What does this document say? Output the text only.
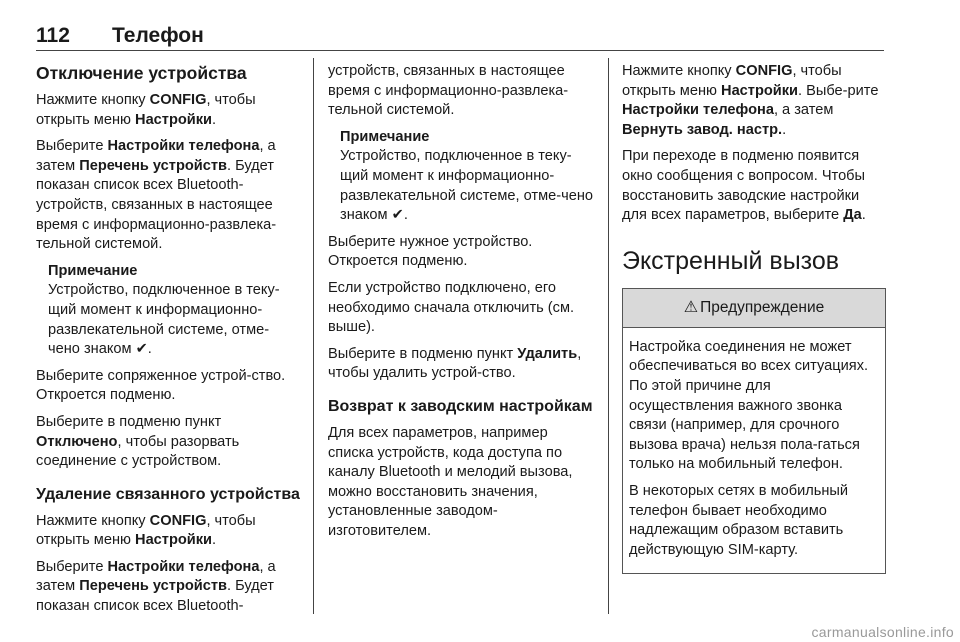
112 Телефон
Отключение устройства

Нажмите кнопку CONFIG, чтобы открыть меню Настройки.

Выберите Настройки телефона, а затем Перечень устройств. Будет показан список всех Bluetooth-устройств, связанных в настоящее время с информационно-развлека-тельной системой.

Примечание
Устройство, подключенное в теку-щий момент к информационно-развлекательной системе, отме-чено знаком ✔.

Выберите сопряженное устрой-ство. Откроется подменю.

Выберите в подменю пункт Отключено, чтобы разорвать соединение с устройством.

Удаление связанного устройства

Нажмите кнопку CONFIG, чтобы открыть меню Настройки.

Выберите Настройки телефона, а затем Перечень устройств. Будет показан список всех Bluetooth-

устройств, связанных в настоящее время с информационно-развлека-тельной системой.

Примечание
Устройство, подключенное в теку-щий момент к информационно-развлекательной системе, отме-чено знаком ✔.

Выберите нужное устройство. Откроется подменю.

Если устройство подключено, его необходимо сначала отключить (см. выше).

Выберите в подменю пункт Удалить, чтобы удалить устрой-ство.

Возврат к заводским настройкам

Для всех параметров, например списка устройств, кода доступа по каналу Bluetooth и мелодий вызова, можно восстановить значения, установленные заводом-изготовителем.

Нажмите кнопку CONFIG, чтобы открыть меню Настройки. Выбе-рите Настройки телефона, а затем Вернуть завод. настр..

При переходе в подменю появится окно сообщения с вопросом. Чтобы восстановить заводские настройки для всех параметров, выберите Да.

Экстренный вызов
⚠ Предупреждение

Настройка соединения не может обеспечиваться во всех ситуациях. По этой причине для осуществления важного звонка связи (например, для срочного вызова врача) нельзя пола-гаться только на мобильный телефон.

В некоторых сетях в мобильный телефон бывает необходимо надлежащим образом вставить действующую SIM-карту.

carmanualsonline.info
